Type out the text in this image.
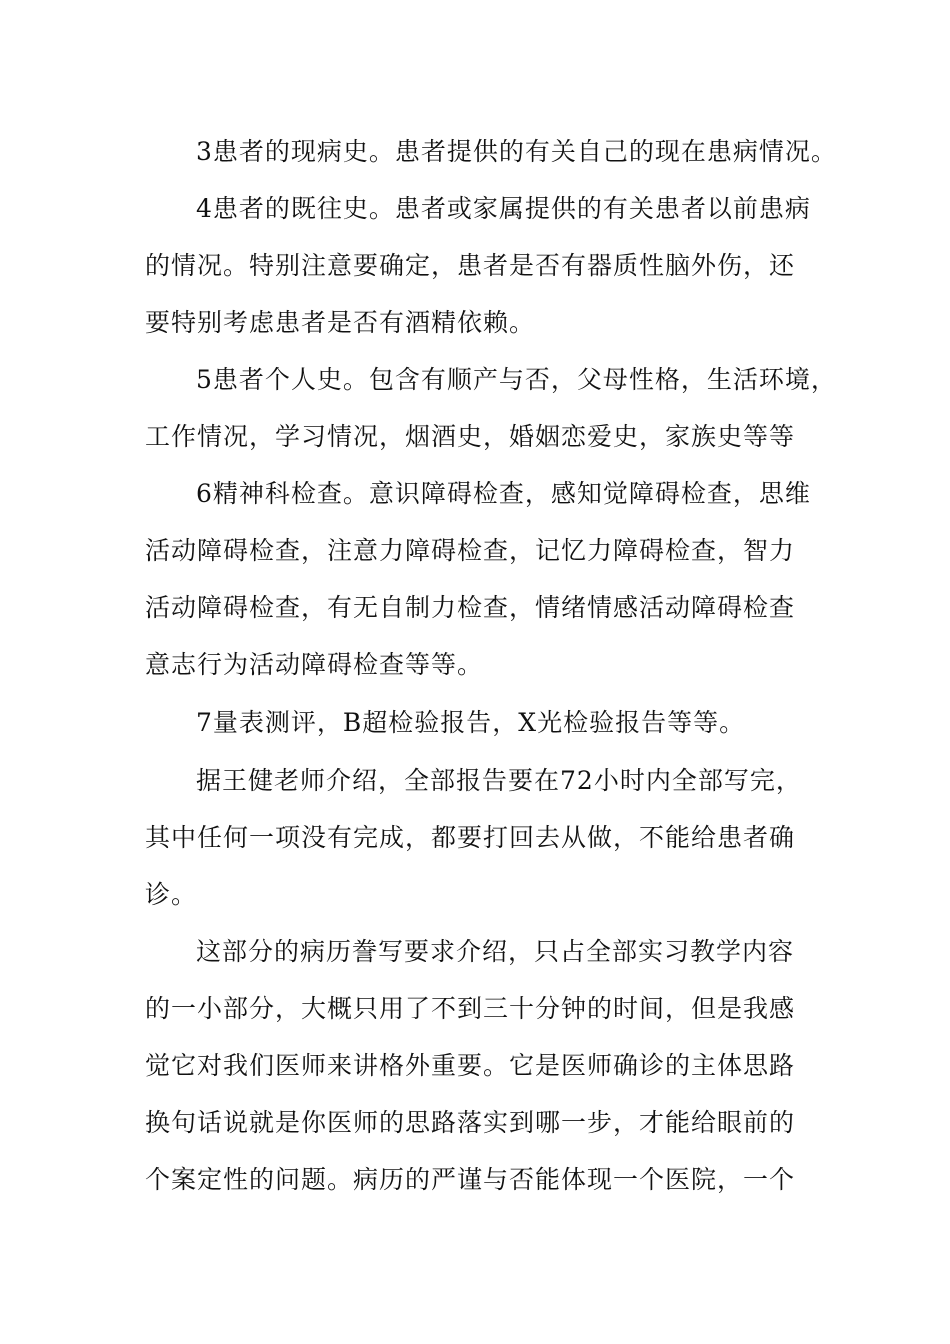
3患者的现病史。患者提供的有关自己的现在患病情况。
4患者的既往史。患者或家属提供的有关患者以前患病
的情况。特别注意要确定，患者是否有器质性脑外伤，还
要特别考虑患者是否有酒精依赖。
5患者个人史。包含有顺产与否，父母性格，生活环境，
工作情况，学习情况，烟酒史，婚姻恋爱史，家族史等等
6精神科检查。意识障碍检查，感知觉障碍检查，思维
活动障碍检查，注意力障碍检查，记忆力障碍检查，智力
活动障碍检查，有无自制力检查，情绪情感活动障碍检查
意志行为活动障碍检查等等。
7量表测评，B超检验报告，X光检验报告等等。
据王健老师介绍，全部报告要在72小时内全部写完，
其中任何一项没有完成，都要打回去从做，不能给患者确
诊。
这部分的病历誊写要求介绍，只占全部实习教学内容
的一小部分，大概只用了不到三十分钟的时间，但是我感
觉它对我们医师来讲格外重要。它是医师确诊的主体思路
换句话说就是你医师的思路落实到哪一步，才能给眼前的
个案定性的问题。病历的严谨与否能体现一个医院，一个
